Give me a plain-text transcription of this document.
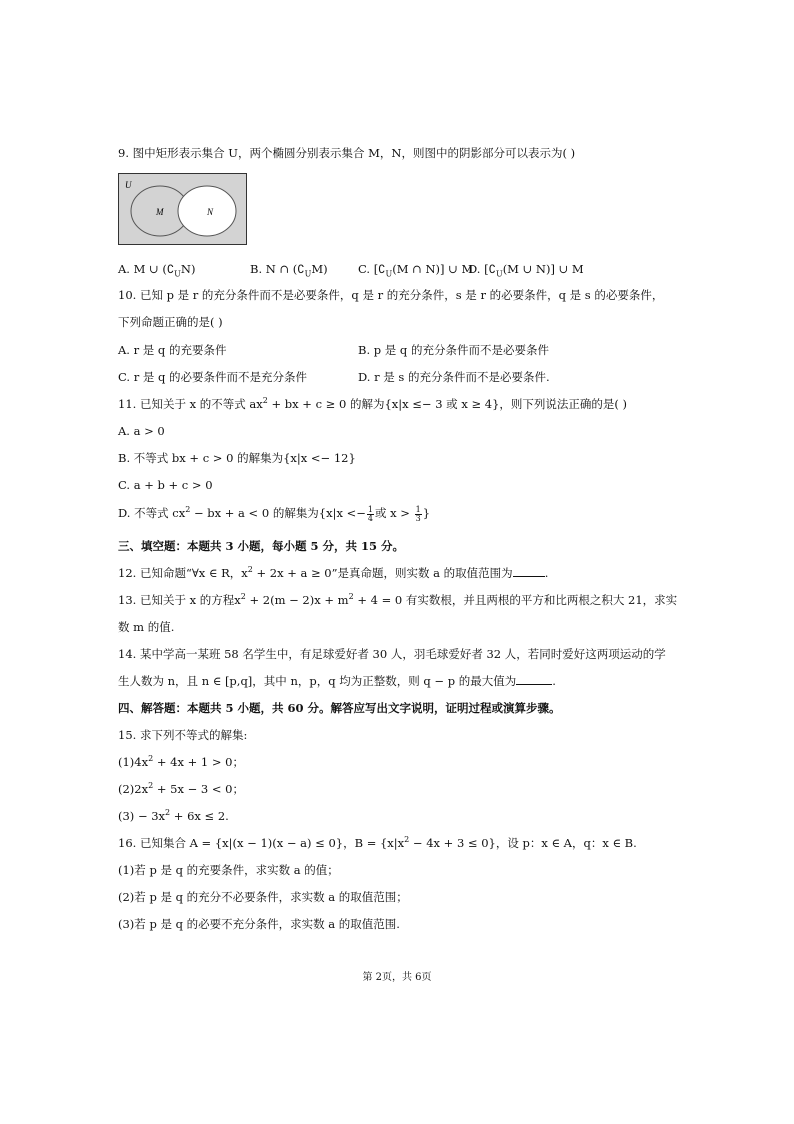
9. 图中矩形表示集合 U，两个椭圆分别表示集合 M，N，则图中的阴影部分可以表示为( )
U
M	N
A. M ∪ $(∁_UN)$	B. N ∩ $(∁_UM)$	C. [$∁_U(M$ ∩ N)] ∪ M
D. [$∁_U(M$ ∪ N)] ∪ M
10. 已知 p 是 r 的充分条件而不是必要条件，q 是 r 的充分条件，s 是 r 的必要条件，q 是 s 的必要条件，
下列命题正确的是( )
A. r 是 q 的充要条件	B. p 是 q 的充分条件而不是必要条件
C. r 是 q 的必要条件而不是充分条件	D. r 是 s 的充分条件而不是必要条件.
11. 已知关于 x 的不等式 $ax^2$ + bx + c ≥ 0 的解为{x|x ≤− 3 或 x ≥ 4}，则下列说法正确的是( )
A. a > 0
B. 不等式 bx + c > 0 的解集为{x|x <− 12}
C. a + b + c > 0
D. 不等式 $cx^2$ − bx + a < 0 的解集为{$x|x <- \frac{1}{4}$ 或 $x > \frac{1}{3}$ }
三、填空题：本题共 3 小题，每小题 5 分，共 15 分。
12. 已知命题“∀x ∈ R，$x^2 + 2x + a \ge 0$”是真命题，则实数 a 的取值范围为	.
13. 已知关于 x 的方程$x^2 + 2(m - 2)x + m^2 + 4 = 0$ 有实数根，并且两根的平方和比两根之积大 21，求实
数 m 的值.
14. 某中学高一某班 58 名学生中，有足球爱好者 30 人，羽毛球爱好者 32 人，若同时爱好这两项运动的学
生人数为 n，且 n ∈ [p,q]，其中 n，p，q 均为正整数，则 q − p 的最大值为	.
四、解答题：本题共 5 小题，共 60 分。解答应写出文字说明，证明过程或演算步骤。
15. 求下列不等式的解集:
$(1)4x^2 + 4x + 1 > 0$；
$(2)2x^2 + 5x - 3 < 0$；
$(3) - 3x^2 + 6x \le 2$.
16. 已知集合 A = {x|(x − 1)(x − a) ≤ 0}，$B = \{x|x^2 - 4x + 3 \le 0\}$，设 p：x ∈ A，q：x ∈ B.
(1)若 p 是 q 的充要条件，求实数 a 的值；
(2)若 p 是 q 的充分不必要条件，求实数 a 的取值范围；
(3)若 p 是 q 的必要不充分条件，求实数 a 的取值范围.
第 2页，共 6页
